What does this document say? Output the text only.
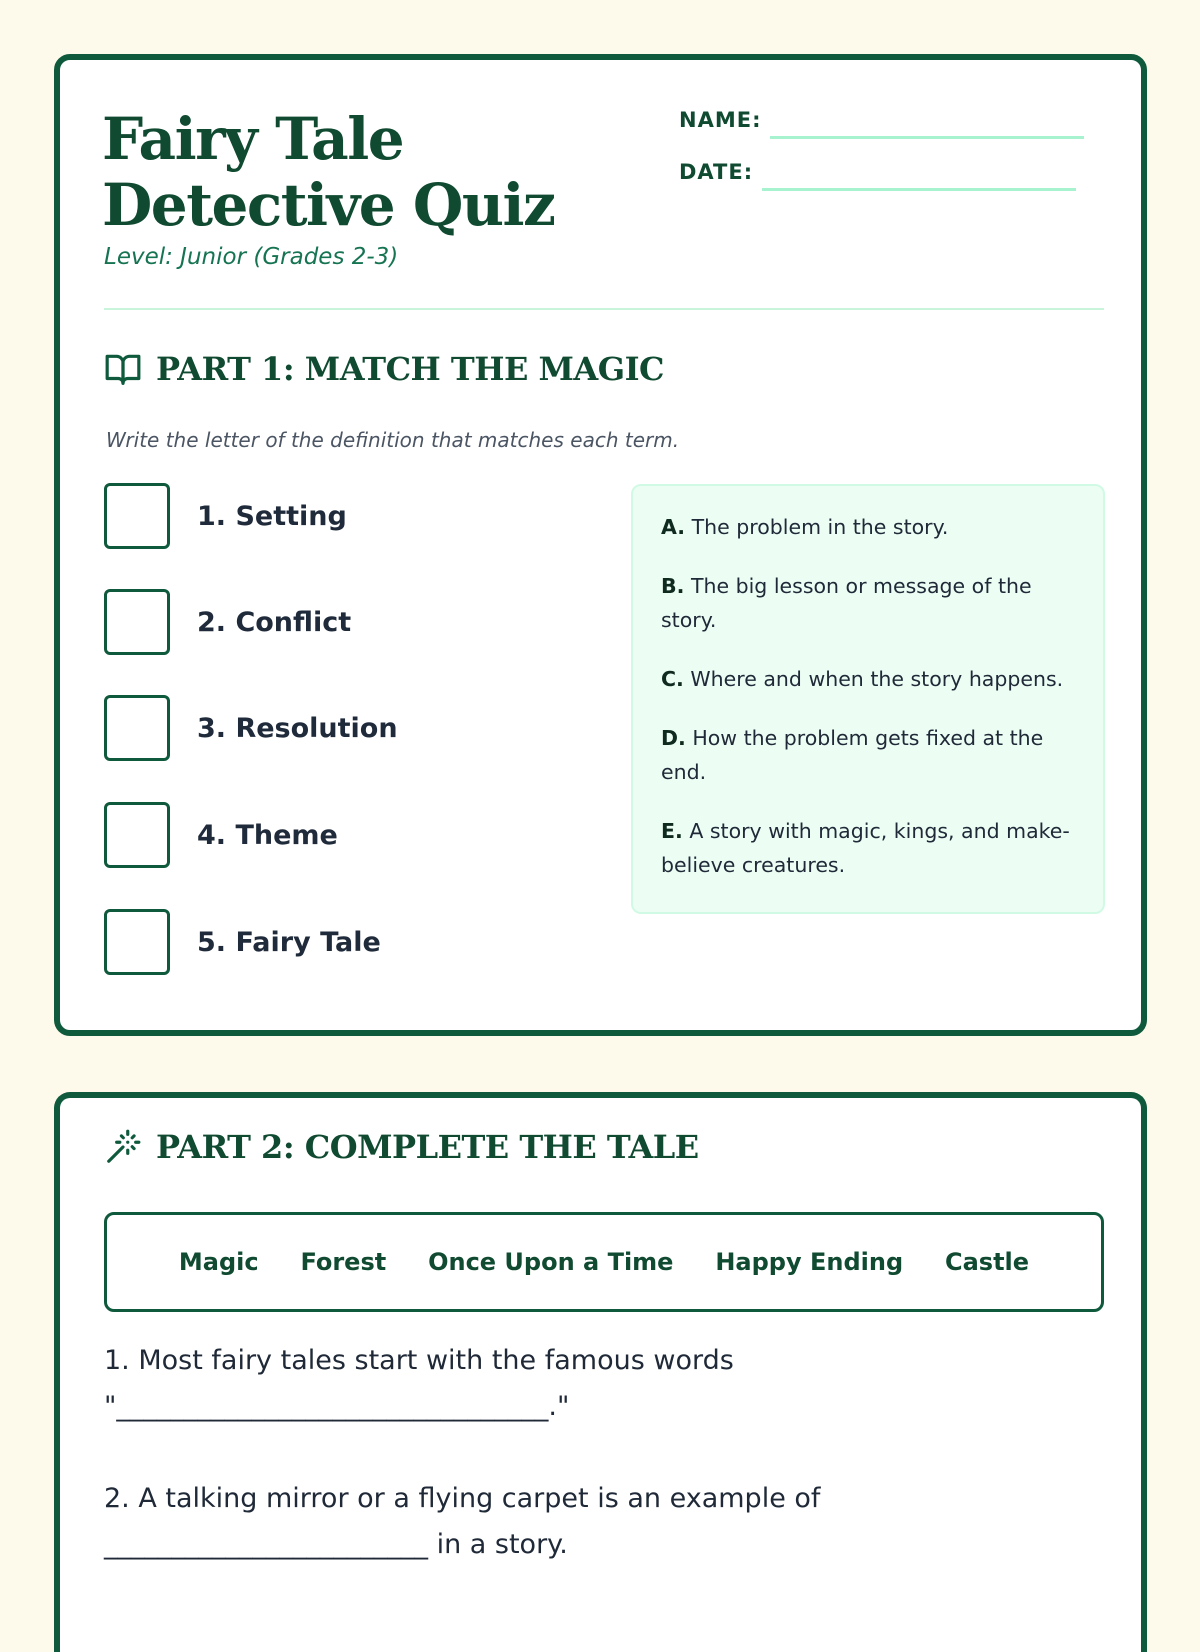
Fairy Tale Detective Quiz
Level: Junior (Grades 2-3)
NAME:
DATE:
PART 1: MATCH THE MAGIC
Write the letter of the definition that matches each term.
1. Setting
2. Conflict
3. Resolution
4. Theme
5. Fairy Tale
A. The problem in the story.
B. The big lesson or message of the story.
C. Where and when the story happens.
D. How the problem gets fixed at the end.
E. A story with magic, kings, and make-believe creatures.
PART 2: COMPLETE THE TALE
Magic Forest Once Upon a Time Happy Ending Castle
1. Most fairy tales start with the famous words "________________________________."
2. A talking mirror or a flying carpet is an example of ________________________ in a story.
